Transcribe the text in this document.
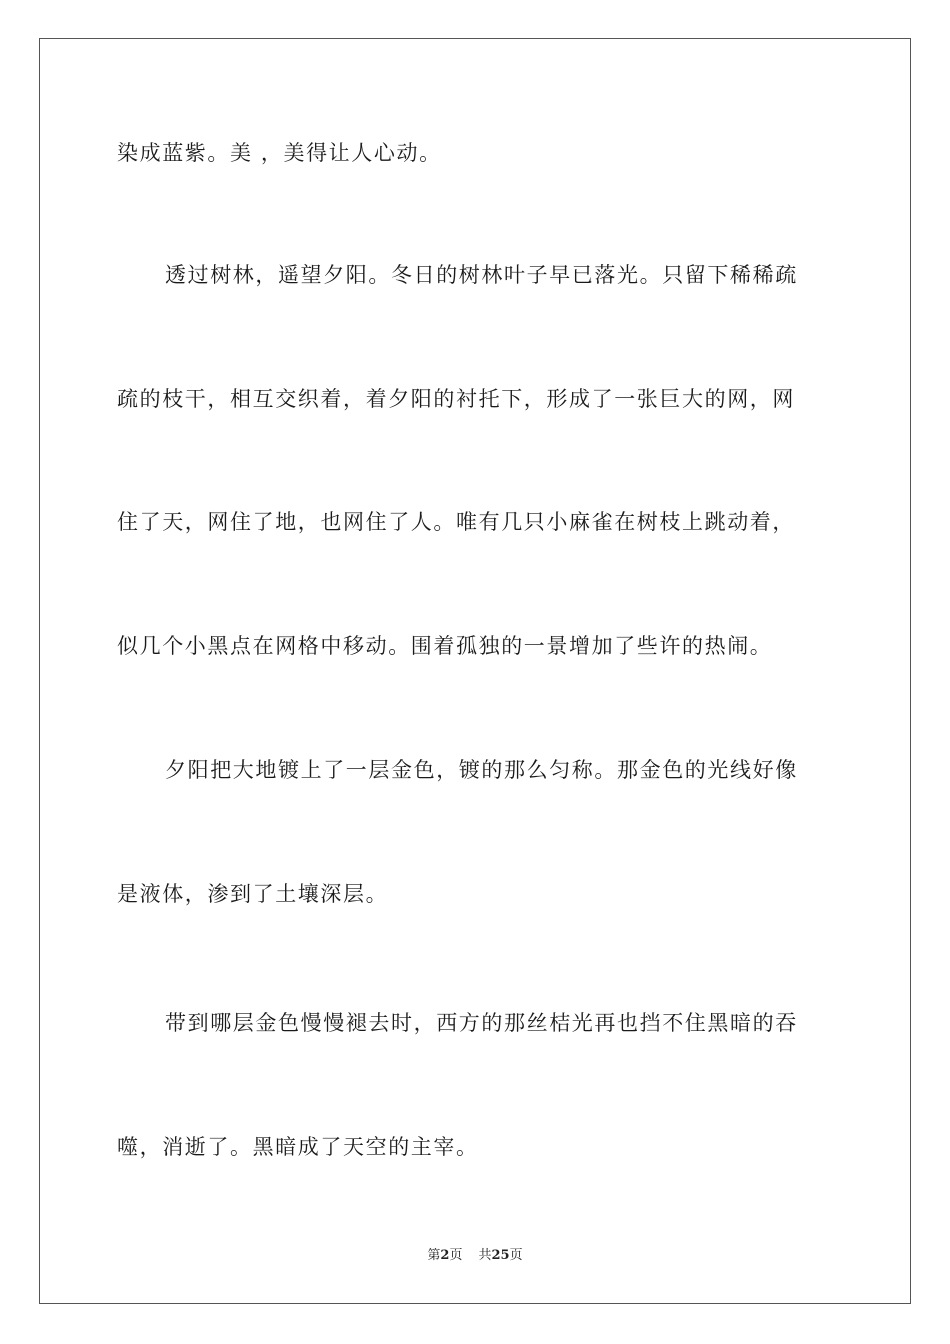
染成蓝紫。美 ，美得让人心动。
透过树林，遥望夕阳。冬日的树林叶子早已落光。只留下稀稀疏
疏的枝干，相互交织着，着夕阳的衬托下，形成了一张巨大的网，网
住了天，网住了地，也网住了人。唯有几只小麻雀在树枝上跳动着，
似几个小黑点在网格中移动。围着孤独的一景增加了些许的热闹。
夕阳把大地镀上了一层金色，镀的那么匀称。那金色的光线好像
是液体，渗到了土壤深层。
带到哪层金色慢慢褪去时，西方的那丝桔光再也挡不住黑暗的吞
噬，消逝了。黑暗成了天空的主宰。
第2页 共25页
